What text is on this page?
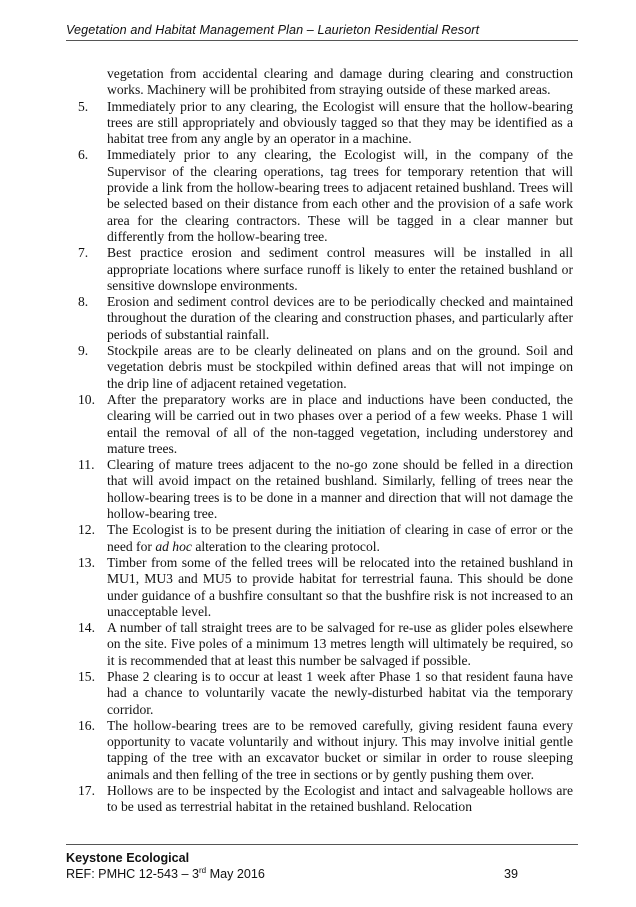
Vegetation and Habitat Management Plan – Laurieton Residential Resort
vegetation from accidental clearing and damage during clearing and construction works. Machinery will be prohibited from straying outside of these marked areas.
5. Immediately prior to any clearing, the Ecologist will ensure that the hollow-bearing trees are still appropriately and obviously tagged so that they may be identified as a habitat tree from any angle by an operator in a machine.
6. Immediately prior to any clearing, the Ecologist will, in the company of the Supervisor of the clearing operations, tag trees for temporary retention that will provide a link from the hollow-bearing trees to adjacent retained bushland. Trees will be selected based on their distance from each other and the provision of a safe work area for the clearing contractors. These will be tagged in a clear manner but differently from the hollow-bearing tree.
7. Best practice erosion and sediment control measures will be installed in all appropriate locations where surface runoff is likely to enter the retained bushland or sensitive downslope environments.
8. Erosion and sediment control devices are to be periodically checked and maintained throughout the duration of the clearing and construction phases, and particularly after periods of substantial rainfall.
9. Stockpile areas are to be clearly delineated on plans and on the ground. Soil and vegetation debris must be stockpiled within defined areas that will not impinge on the drip line of adjacent retained vegetation.
10. After the preparatory works are in place and inductions have been conducted, the clearing will be carried out in two phases over a period of a few weeks. Phase 1 will entail the removal of all of the non-tagged vegetation, including understorey and mature trees.
11. Clearing of mature trees adjacent to the no-go zone should be felled in a direction that will avoid impact on the retained bushland. Similarly, felling of trees near the hollow-bearing trees is to be done in a manner and direction that will not damage the hollow-bearing tree.
12. The Ecologist is to be present during the initiation of clearing in case of error or the need for ad hoc alteration to the clearing protocol.
13. Timber from some of the felled trees will be relocated into the retained bushland in MU1, MU3 and MU5 to provide habitat for terrestrial fauna. This should be done under guidance of a bushfire consultant so that the bushfire risk is not increased to an unacceptable level.
14. A number of tall straight trees are to be salvaged for re-use as glider poles elsewhere on the site. Five poles of a minimum 13 metres length will ultimately be required, so it is recommended that at least this number be salvaged if possible.
15. Phase 2 clearing is to occur at least 1 week after Phase 1 so that resident fauna have had a chance to voluntarily vacate the newly-disturbed habitat via the temporary corridor.
16. The hollow-bearing trees are to be removed carefully, giving resident fauna every opportunity to vacate voluntarily and without injury. This may involve initial gentle tapping of the tree with an excavator bucket or similar in order to rouse sleeping animals and then felling of the tree in sections or by gently pushing them over.
17. Hollows are to be inspected by the Ecologist and intact and salvageable hollows are to be used as terrestrial habitat in the retained bushland. Relocation
Keystone Ecological
REF: PMHC 12-543 – 3rd May 2016	39
